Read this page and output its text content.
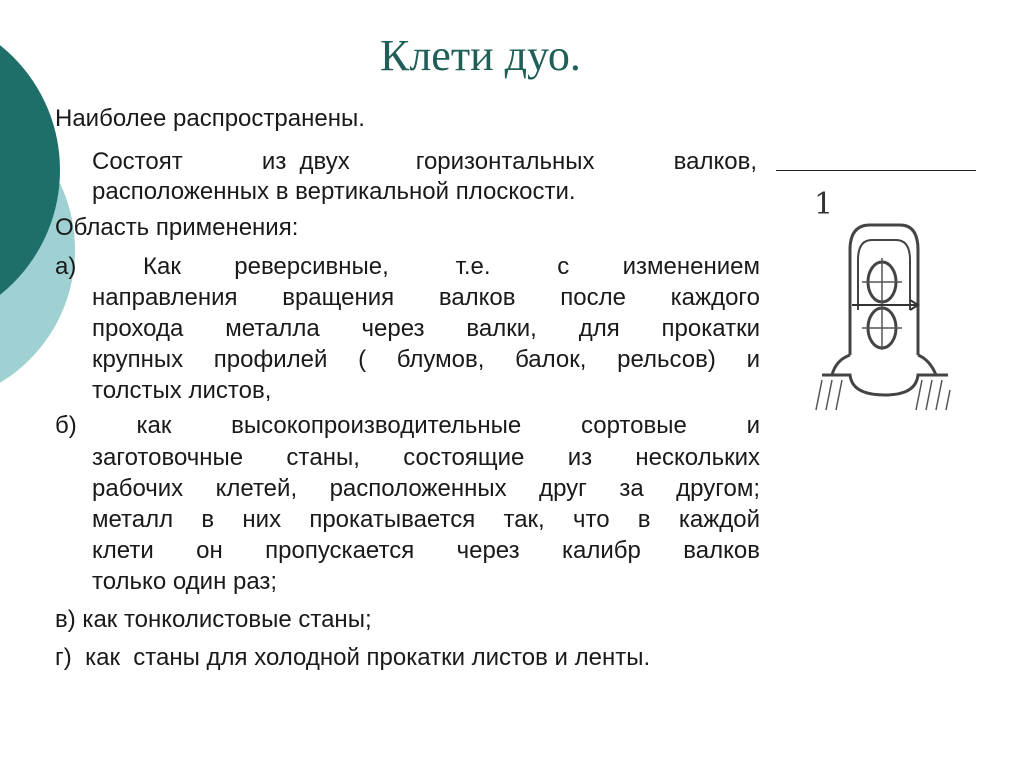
Клети дуо.
Наиболее распространены.
Состоят      из двух     горизонтальных      валков,
расположенных в вертикальной плоскости.
Область применения:
а)     Как    реверсивные,     т.е.     с    изменением
направления вращения валков после каждого
прохода металла через валки, для прокатки
крупных профилей ( блумов, балок, рельсов) и
толстых листов,
б)  как  высокопроизводительные  сортовые  и
заготовочные стaны, состоящие из нескольких
рабочих клетей, расположенных друг за другом;
металл в них прокатывается так, что в каждой
клети  он  пропускается  через  калибр  валков
только один раз;
в) как тонколистовые станы;
г)  как  станы для холодной прокатки листов и ленты.
1
